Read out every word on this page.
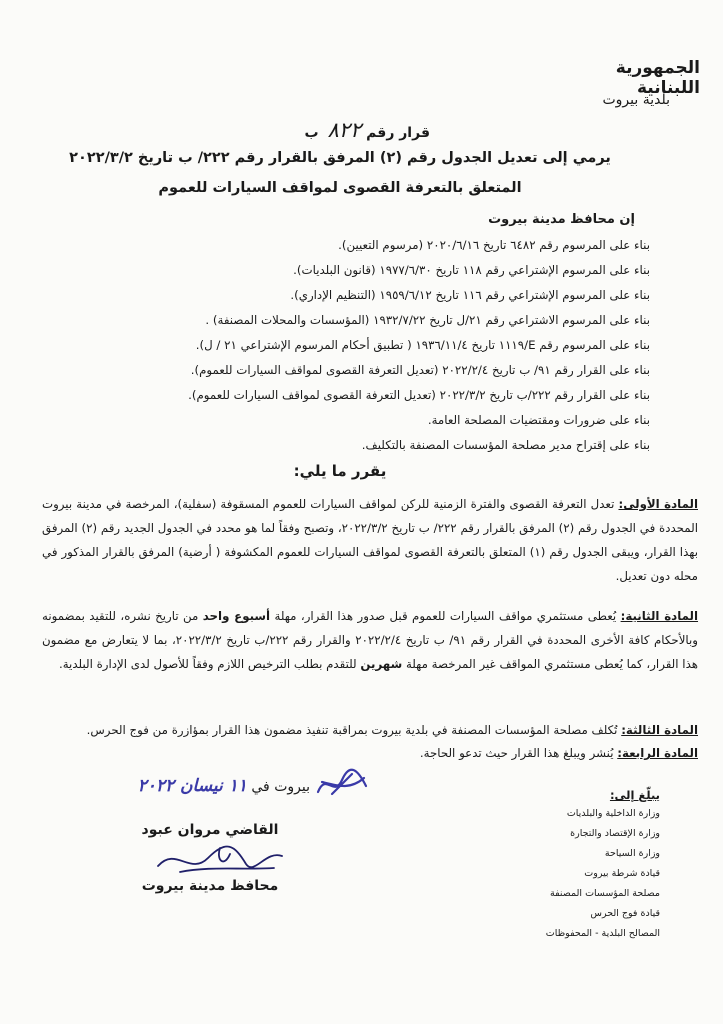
الجمهورية اللبنانية
بلدية بيروت
قرار رقم ٨٢٢ ب
يرمي إلى تعديل الجدول رقم (٢) المرفق بالقرار رقم ٢٢٢/ ب تاريخ ٢٠٢٢/٣/٢
المتعلق بالتعرفة القصوى لمواقف السيارات للعموم
إن محافظ مدينة بيروت
بناء على المرسوم رقم ٦٤٨٢ تاريخ ٢٠٢٠/٦/١٦ (مرسوم التعيين).
بناء على المرسوم الإشتراعي رقم ١١٨ تاريخ ١٩٧٧/٦/٣٠ (قانون البلديات).
بناء على المرسوم الإشتراعي رقم ١١٦ تاريخ ١٩٥٩/٦/١٢ (التنظيم الإداري).
بناء على المرسوم الاشتراعي رقم ٢١/ل تاريخ ١٩٣٢/٧/٢٢ (المؤسسات والمحلات المصنفة) .
بناء على المرسوم رقم E/١١١٩ تاريخ ١٩٣٦/١١/٤ ( تطبيق أحكام المرسوم الإشتراعي ٢١ / ل).
بناء على القرار رقم ٩١/ ب تاريخ ٢٠٢٢/٢/٤ (تعديل التعرفة القصوى لمواقف السيارات للعموم).
بناء على القرار رقم ٢٢٢/ب تاريخ ٢٠٢٢/٣/٢ (تعديل التعرفة القصوى لمواقف السيارات للعموم).
بناء على ضرورات ومقتضيات المصلحة العامة.
بناء على إقتراح مدير مصلحة المؤسسات المصنفة بالتكليف.
يقرر ما يلي:
المادة الأولى: تعدل التعرفة القصوى والفترة الزمنية للركن لمواقف السيارات للعموم المسقوفة (سفلية)، المرخصة في مدينة بيروت المحددة في الجدول رقم (٢) المرفق بالقرار رقم ٢٢٢/ ب تاريخ ٢٠٢٢/٣/٢، وتصبح وفقاً لما هو محدد في الجدول الجديد رقم (٢) المرفق بهذا القرار، ويبقى الجدول رقم (١) المتعلق بالتعرفة القصوى لمواقف السيارات للعموم المكشوفة ( أرضية) المرفق بالقرار المذكور في محله دون تعديل.
المادة الثانية: يُعطى مستثمري مواقف السيارات للعموم قبل صدور هذا القرار، مهلة أسبوع واحد من تاريخ نشره، للتقيد بمضمونه وبالأحكام كافة الأخرى المحددة في القرار رقم ٩١/ ب تاريخ ٢٠٢٢/٢/٤ والقرار رقم ٢٢٢/ب تاريخ ٢٠٢٢/٣/٢، بما لا يتعارض مع مضمون هذا القرار، كما يُعطى مستثمري المواقف غير المرخصة مهلة شهرين للتقدم بطلب الترخيص اللازم وفقاً للأصول لدى الإدارة البلدية.
المادة الثالثة: تُكلف مصلحة المؤسسات المصنفة في بلدية بيروت بمراقبة تنفيذ مضمون هذا القرار بمؤازرة من فوج الحرس.
المادة الرابعة: يُنشر ويبلغ هذا القرار حيث تدعو الحاجة.
بيروت في ١١ نيسان ٢٠٢٢
القاضي مروان عبود
محافظ مدينة بيروت
يبلّغ إلى:
وزارة الداخلية والبلديات
وزارة الإقتصاد والتجارة
وزارة السياحة
قيادة شرطة بيروت
مصلحة المؤسسات المصنفة
قيادة فوج الحرس
المصالح البلدية - المحفوظات
